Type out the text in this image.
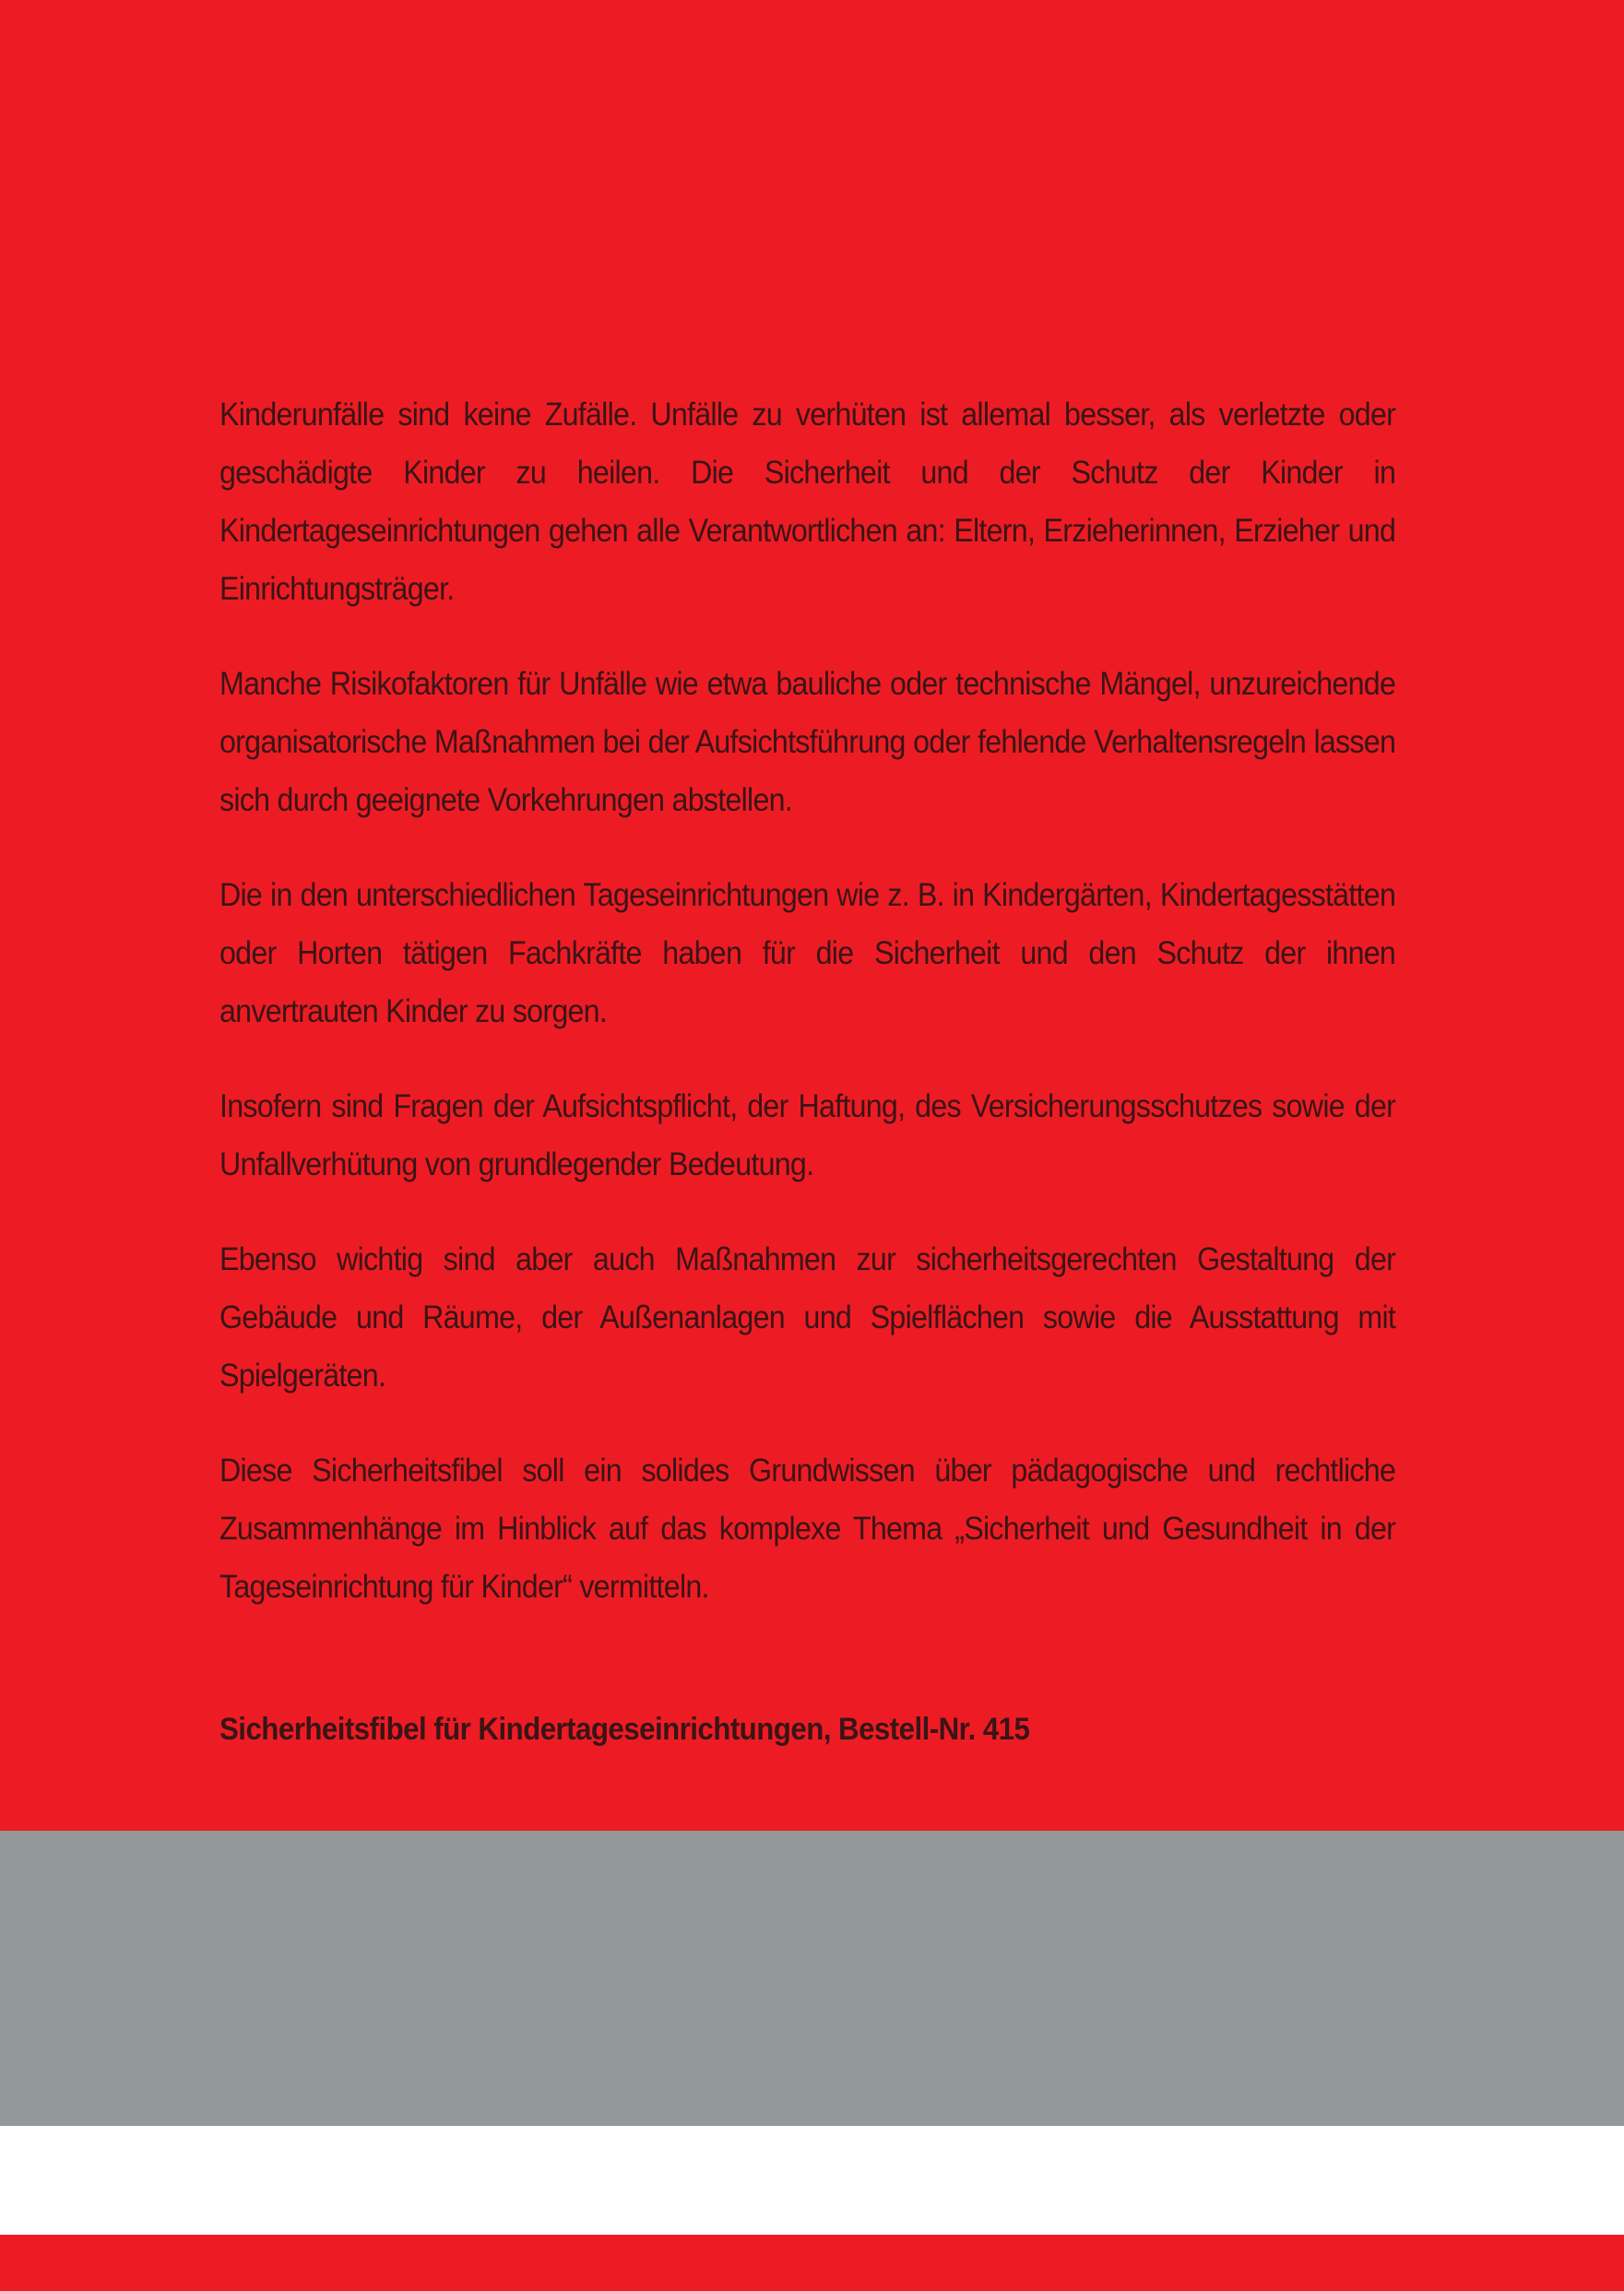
Kinderunfälle sind keine Zufälle. Unfälle zu verhüten ist allemal besser, als verletzte oder geschädigte Kinder zu heilen. Die Sicherheit und der Schutz der Kinder in Kindertageseinrichtungen gehen alle Verantwortlichen an: Eltern, Erzieherinnen, Erzieher und Einrichtungsträger.

Manche Risikofaktoren für Unfälle wie etwa bauliche oder technische Mängel, unzureichende organisatorische Maßnahmen bei der Aufsichtsführung oder fehlende Verhaltensregeln lassen sich durch geeignete Vorkehrungen abstellen.

Die in den unterschiedlichen Tageseinrichtungen wie z. B. in Kindergärten, Kindertagesstätten oder Horten tätigen Fachkräfte haben für die Sicherheit und den Schutz der ihnen anvertrauten Kinder zu sorgen.

Insofern sind Fragen der Aufsichtspflicht, der Haftung, des Versicherungsschutzes sowie der Unfallverhütung von grundlegender Bedeutung.

Ebenso wichtig sind aber auch Maßnahmen zur sicherheitsgerechten Gestaltung der Gebäude und Räume, der Außenanlagen und Spielflächen sowie die Ausstattung mit Spielgeräten.

Diese Sicherheitsfibel soll ein solides Grundwissen über pädagogische und rechtliche Zusammenhänge im Hinblick auf das komplexe Thema „Sicherheit und Gesundheit in der Tageseinrichtung für Kinder“ vermitteln.

Sicherheitsfibel für Kindertageseinrichtungen, Bestell-Nr. 415
